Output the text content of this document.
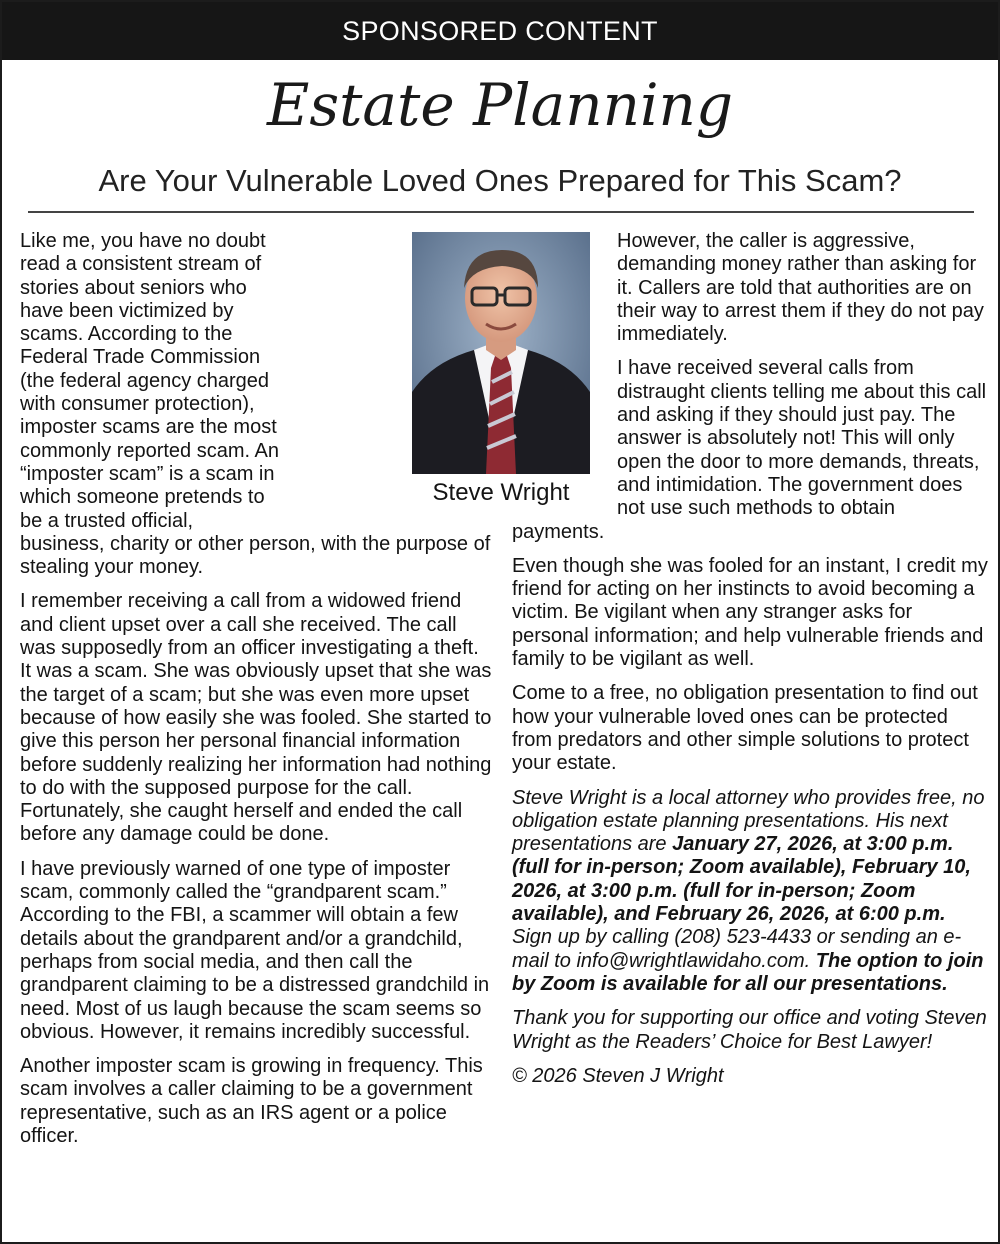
SPONSORED CONTENT
Estate Planning
Are Your Vulnerable Loved Ones Prepared for This Scam?

Like me, you have no doubt read a consistent stream of stories about seniors who have been victimized by scams. According to the Federal Trade Commission (the federal agency charged with consumer protection), imposter scams are the most commonly reported scam. An “imposter scam” is a scam in which someone pretends to be a trusted official, business, charity or other person, with the purpose of stealing your money.

I remember receiving a call from a widowed friend and client upset over a call she received. The call was supposedly from an officer investigating a theft. It was a scam. She was obviously upset that she was the target of a scam; but she was even more upset because of how easily she was fooled. She started to give this person her personal financial information before suddenly realizing her information had nothing to do with the supposed purpose for the call. Fortunately, she caught herself and ended the call before any damage could be done.

I have previously warned of one type of imposter scam, commonly called the “grandparent scam.” According to the FBI, a scammer will obtain a few details about the grandparent and/or a grandchild, perhaps from social media, and then call the grandparent claiming to be a distressed grandchild in need. Most of us laugh because the scam seems so obvious. However, it remains incredibly successful.

Another imposter scam is growing in frequency. This scam involves a caller claiming to be a government representative, such as an IRS agent or a police officer.

However, the caller is aggressive, demanding money rather than asking for it. Callers are told that authorities are on their way to arrest them if they do not pay immediately.

I have received several calls from distraught clients telling me about this call and asking if they should just pay. The answer is absolutely not! This will only open the door to more demands, threats, and intimidation. The government does not use such methods to obtain payments.

Even though she was fooled for an instant, I credit my friend for acting on her instincts to avoid becoming a victim. Be vigilant when any stranger asks for personal information; and help vulnerable friends and family to be vigilant as well.

Come to a free, no obligation presentation to find out how your vulnerable loved ones can be protected from predators and other simple solutions to protect your estate.

Steve Wright is a local attorney who provides free, no obligation estate planning presentations. His next presentations are January 27, 2026, at 3:00 p.m. (full for in-person; Zoom available), February 10, 2026, at 3:00 p.m. (full for in-person; Zoom available), and February 26, 2026, at 6:00 p.m. Sign up by calling (208) 523-4433 or sending an e-mail to info@wrightlawidaho.com. The option to join by Zoom is available for all our presentations.

Thank you for supporting our office and voting Steven Wright as the Readers’ Choice for Best Lawyer!

© 2026 Steven J Wright

Steve Wright
